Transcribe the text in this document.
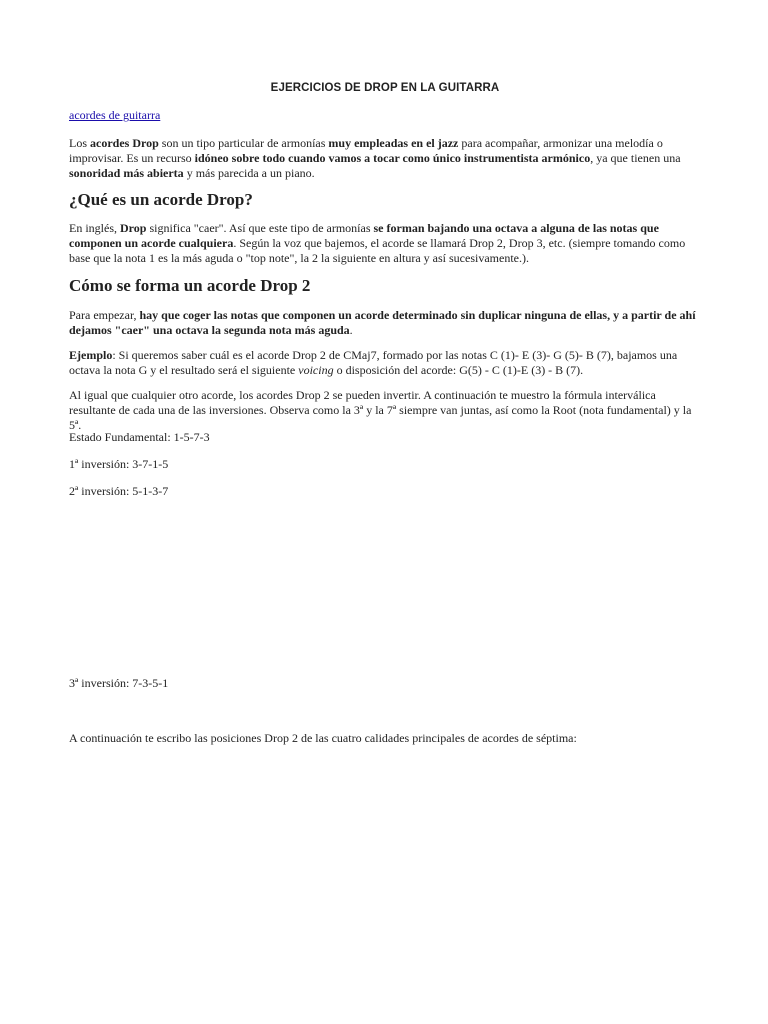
EJERCICIOS DE DROP EN LA GUITARRA
acordes de guitarra

Los acordes Drop son un tipo particular de armonías muy empleadas en el jazz para acompañar, armonizar una melodía o improvisar. Es un recurso idóneo sobre todo cuando vamos a tocar como único instrumentista armónico, ya que tienen una sonoridad más abierta y más parecida a un piano.

¿Qué es un acorde Drop?

En inglés, Drop significa "caer". Así que este tipo de armonías se forman bajando una octava a alguna de las notas que componen un acorde cualquiera. Según la voz que bajemos, el acorde se llamará Drop 2, Drop 3, etc. (siempre tomando como base que la nota 1 es la más aguda o "top note", la 2 la siguiente en altura y así sucesivamente.).

Cómo se forma un acorde Drop 2

Para empezar, hay que coger las notas que componen un acorde determinado sin duplicar ninguna de ellas, y a partir de ahí dejamos "caer" una octava la segunda nota más aguda.

Ejemplo: Si queremos saber cuál es el acorde Drop 2 de CMaj7, formado por las notas C (1)- E (3)- G (5)- B (7), bajamos una octava la nota G y el resultado será el siguiente voicing o disposición del acorde: G(5) - C (1)-E (3) - B (7).

Al igual que cualquier otro acorde, los acordes Drop 2 se pueden invertir. A continuación te muestro la fórmula interválica resultante de cada una de las inversiones. Observa como la 3ª y la 7ª siempre van juntas, así como la Root (nota fundamental) y la 5ª.

Estado Fundamental: 1-5-7-3

1ª inversión: 3-7-1-5

2ª inversión: 5-1-3-7

3ª inversión: 7-3-5-1

A continuación te escribo las posiciones Drop 2 de las cuatro calidades principales de acordes de séptima:
